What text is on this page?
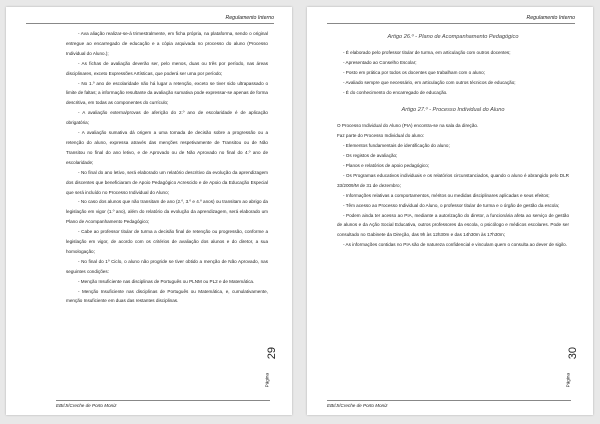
Regulamento Interno

- Ava aliação realizar-se-á trimestralmente, em ficha própria, na plataforma, sendo o original entregue ao encarregado de educação e a cópia arquivada no processo do aluno (Processo Individual do Aluno.);

- As fichas de avaliação deverão ser, pelo menos, duas ou três por período, nas áreas disciplinares, exceto Expressões Artísticas, que poderá ser uma por período;

- No 1.º ano de escolaridade não há lugar a retenção, exceto se tiver sido ultrapassado o limite de faltas; a informação resultante da avaliação sumativa pode expressar-se apenas de forma descritiva, em todas as componentes do currículo;

- A avaliação externa/provas de aferição do 2.º ano de escolaridade é de aplicação obrigatória;

- A avaliação sumativa dá origem a uma tomada de decisão sobre a progressão ou a retenção do aluno, expressa através das menções respetivamente de Transitou ou de Não Transitou no final do ano letivo, e de Aprovado ou de Não Aprovado no final do 4.º ano de escolaridade;

- No final do ano letivo, será elaborado um relatório descritivo da evolução da aprendizagem dos discentes que beneficiaram de Apoio Pedagógico Acrescido e de Apoio da Educação Especial que será incluído no Processo Individual do Aluno;

- No caso dos alunos que não transitam de ano (2.º, 3.º e 4.º anos) ou transitam ao abrigo da legislação em vigor (1.º ano), além do relatório da evolução da aprendizagem, será elaborado um Plano de Acompanhamento Pedagógico;

- Cabe ao professor titular de turma a decisão final de retenção ou progressão, conforme a legislação em vigor, de acordo com os critérios de avaliação dos alunos e do diretor, a sua homologação;

- No final do 1º Ciclo, o aluno não progride se tiver obtido a menção de Não Aprovado, nas seguintes condições:

- Menção Insuficiente nas disciplinas de Português ou PLNM ou PL2 e de Matemática.

- Menção Insuficiente nas disciplinas de Português ou Matemática, e, cumulativamente, menção Insuficiente em duas das restantes disciplinas.

Página
29
EBI/JI/Creche de Porto Moniz
Regulamento Interno

Artigo 26.º - Plano de Acompanhamento Pedagógico

- É elaborado pelo professor titular de turma, em articulação com outros docentes;

- Apresentado ao Conselho Escolar;

- Posto em prática por todos os docentes que trabalham com o aluno;

- Avaliado sempre que necessário, em articulação com outros técnicos de educação;

- É do conhecimento do encarregado de educação.

Artigo 27.º - Processo Individual do Aluno

O Processo Individual do Aluno (PIA) encontra-se na sala da direção.

Faz parte do Processo Individual do aluno:

- Elementos fundamentais de identificação do aluno;

- Os registos de avaliação;

- Planos e relatórios de apoio pedagógico;

- Os Programas educativos individuais e os relatórios circunstanciados, quando o aluno é abrangido pelo DLR 33/2009/M de 31 de dezembro;

- Informações relativas a comportamentos, méritos ou medidas disciplinares aplicadas e seus efeitos;

- Têm acesso ao Processo Individual do Aluno, o professor titular de turma e o órgão de gestão da escola;

- Podem ainda ter acesso ao PIA, mediante a autorização do diretor, a funcionária afeta ao serviço de gestão de alunos e da Ação Social Educativa, outros professores da escola, o psicólogo e médicos escolares. Pode ser consultado no Gabinete da Direção, das 9h às 12h30m e das 14h30m às 17h30m;

- As informações contidas no PIA são de natureza confidencial e vinculam quem o consulta ao dever de sigilo.

Página
30
EBI/JI/Creche de Porto Moniz
